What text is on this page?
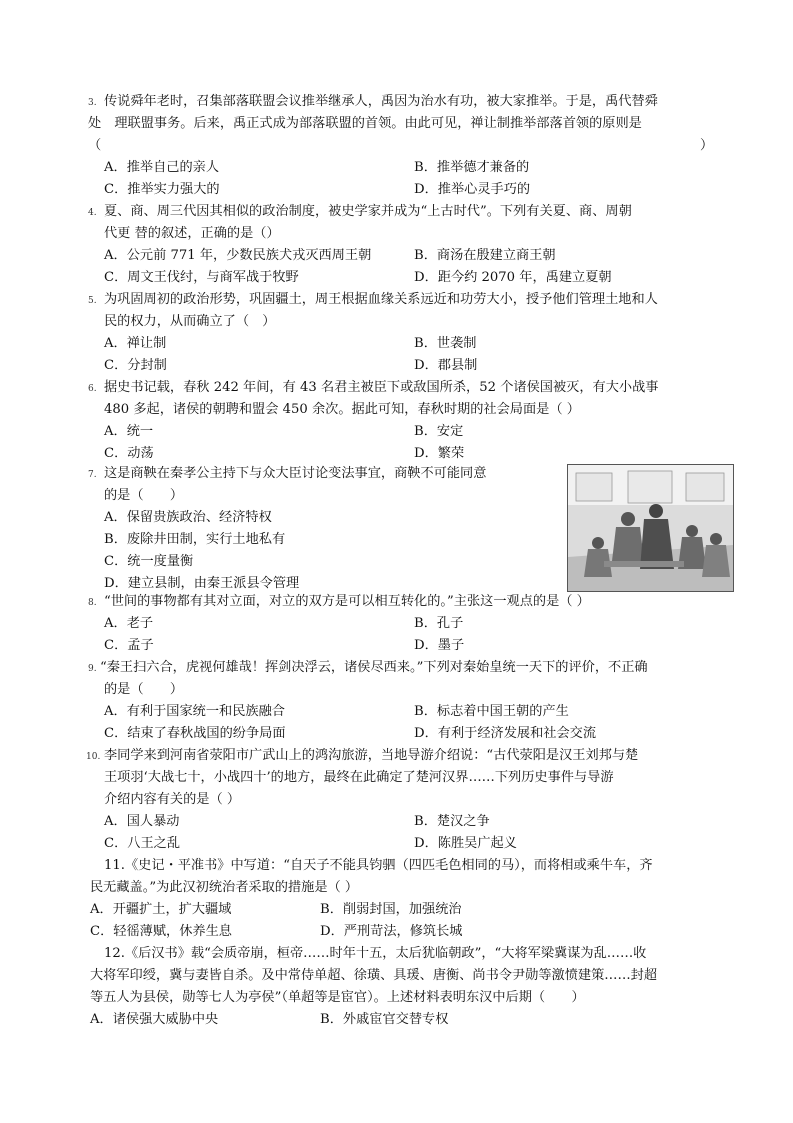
3. 传说舜年老时，召集部落联盟会议推举继承人，禹因为治水有功，被大家推举。于是，禹代替舜
处　理联盟事务。后来，禹正式成为部落联盟的首领。由此可见，禅让制推举部落首领的原则是
（	）
A．推举自己的亲人	B．推举德才兼备的
C．推举实力强大的	D．推举心灵手巧的
4. 夏、商、周三代因其相似的政治制度，被史学家并成为“上古时代”。下列有关夏、商、周朝
代更 替的叙述，正确的是（）
A．公元前 771 年，少数民族犬戎灭西周王朝	B．商汤在殷建立商王朝
C．周文王伐纣，与商军战于牧野	D．距今约 2070 年，禹建立夏朝
5. 为巩固周初的政治形势，巩固疆土，周王根据血缘关系远近和功劳大小，授予他们管理土地和人
民的权力，从而确立了（　）
A．禅让制	B．世袭制
C．分封制	D．郡县制
6. 据史书记载，春秋 242 年间，有 43 名君主被臣下或敌国所杀，52 个诸侯国被灭，有大小战事
480 多起，诸侯的朝聘和盟会 450 余次。据此可知，春秋时期的社会局面是（ ）
A．统一	B．安定
C．动荡	D．繁荣
7. 这是商鞅在秦孝公主持下与众大臣讨论变法事宜，商鞅不可能同意
的是（　　）
A．保留贵族政治、经济特权
B．废除井田制，实行土地私有
C．统一度量衡
D．建立县制，由秦王派县令管理
8. “世间的事物都有其对立面，对立的双方是可以相互转化的。”主张这一观点的是（ ）
A．老子	B．孔子
C．孟子	D．墨子
9. “秦王扫六合，虎视何雄哉！挥剑决浮云，诸侯尽西来。”下列对秦始皇统一天下的评价，不正确
的是（　　）
A．有利于国家统一和民族融合	B．标志着中国王朝的产生
C．结束了春秋战国的纷争局面	D．有利于经济发展和社会交流
10. 李同学来到河南省荥阳市广武山上的鸿沟旅游，当地导游介绍说：“古代荥阳是汉王刘邦与楚
王项羽‘大战七十，小战四十’的地方，最终在此确定了楚河汉界……下列历史事件与导游
介绍内容有关的是（ ）
A．国人暴动	B．楚汉之争
C．八王之乱	D．陈胜吴广起义
11.《史记・平准书》中写道：“自天子不能具钧驷（四匹毛色相同的马），而将相或乘牛车，齐
民无藏盖。”为此汉初统治者采取的措施是（ ）
A．开疆扩土，扩大疆域	B．削弱封国，加强统治
C．轻徭薄赋，休养生息	D．严刑苛法，修筑长城
12.《后汉书》载“会质帝崩，桓帝……时年十五，太后犹临朝政”，“大将军梁冀谋为乱……收
大将军印绶，冀与妻皆自杀。及中常侍单超、徐璜、具瑗、唐衡、尚书令尹勋等激愤建策……封超
等五人为县侯，勋等七人为亭侯”（单超等是宦官）。上述材料表明东汉中后期（　　）
A．诸侯强大威胁中央	B．外戚宦官交替专权
